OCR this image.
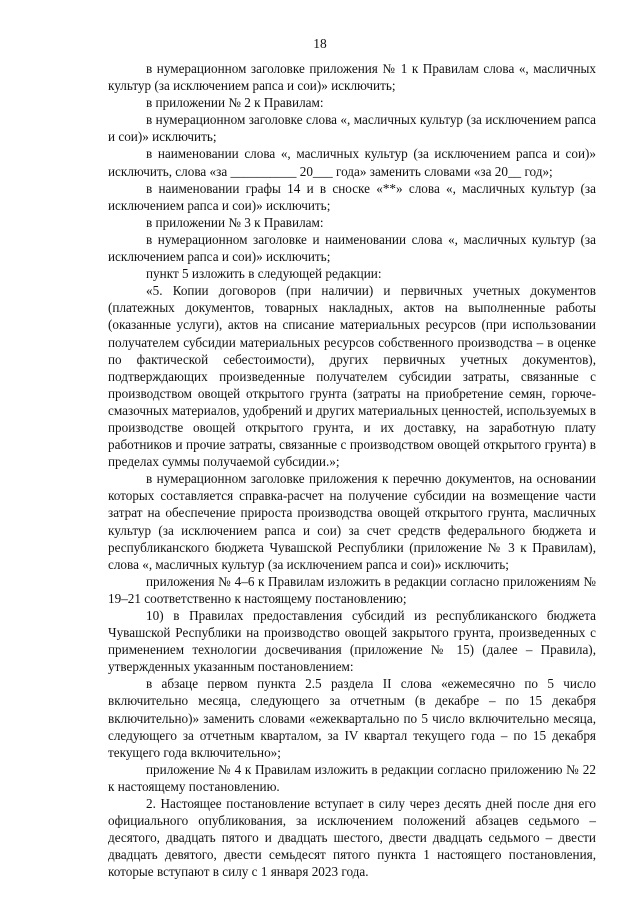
18

в нумерационном заголовке приложения № 1 к Правилам слова «, масличных культур (за исключением рапса и сои)» исключить;

в приложении № 2 к Правилам:

в нумерационном заголовке слова «, масличных культур (за исключением рапса и сои)» исключить;

в наименовании слова «, масличных культур (за исключением рапса и сои)» исключить, слова «за __________ 20___ года» заменить словами «за 20__ год»;

в наименовании графы 14 и в сноске «**» слова «, масличных культур (за исключением рапса и сои)» исключить;

в приложении № 3 к Правилам:

в нумерационном заголовке и наименовании слова «, масличных культур (за исключением рапса и сои)» исключить;

пункт 5 изложить в следующей редакции:

«5. Копии договоров (при наличии) и первичных учетных документов (платежных документов, товарных накладных, актов на выполненные работы (оказанные услуги), актов на списание материальных ресурсов (при использовании получателем субсидии материальных ресурсов собственного производства – в оценке по фактической себестоимости), других первичных учетных документов), подтверждающих произведенные получателем субсидии затраты, связанные с производством овощей открытого грунта (затраты на приобретение семян, горюче-смазочных материалов, удобрений и других материальных ценностей, используемых в производстве овощей открытого грунта, и их доставку, на заработную плату работников и прочие затраты, связанные с производством овощей открытого грунта) в пределах суммы получаемой субсидии.»;

в нумерационном заголовке приложения к перечню документов, на основании которых составляется справка-расчет на получение субсидии на возмещение части затрат на обеспечение прироста производства овощей открытого грунта, масличных культур (за исключением рапса и сои) за счет средств федерального бюджета и республиканского бюджета Чувашской Республики (приложение № 3 к Правилам), слова «, масличных культур (за исключением рапса и сои)» исключить;

приложения № 4–6 к Правилам изложить в редакции согласно приложениям № 19–21 соответственно к настоящему постановлению;

10) в Правилах предоставления субсидий из республиканского бюджета Чувашской Республики на производство овощей закрытого грунта, произведенных с применением технологии досвечивания (приложение № 15) (далее – Правила), утвержденных указанным постановлением:

в абзаце первом пункта 2.5 раздела II слова «ежемесячно по 5 число включительно месяца, следующего за отчетным (в декабре – по 15 декабря включительно)» заменить словами «ежеквартально по 5 число включительно месяца, следующего за отчетным кварталом, за IV квартал текущего года – по 15 декабря текущего года включительно»;

приложение № 4 к Правилам изложить в редакции согласно приложению № 22 к настоящему постановлению.

2. Настоящее постановление вступает в силу через десять дней после дня его официального опубликования, за исключением положений абзацев седьмого – десятого, двадцать пятого и двадцать шестого, двести двадцать седьмого – двести двадцать девятого, двести семьдесят пятого пункта 1 настоящего постановления, которые вступают в силу с 1 января 2023 года.
